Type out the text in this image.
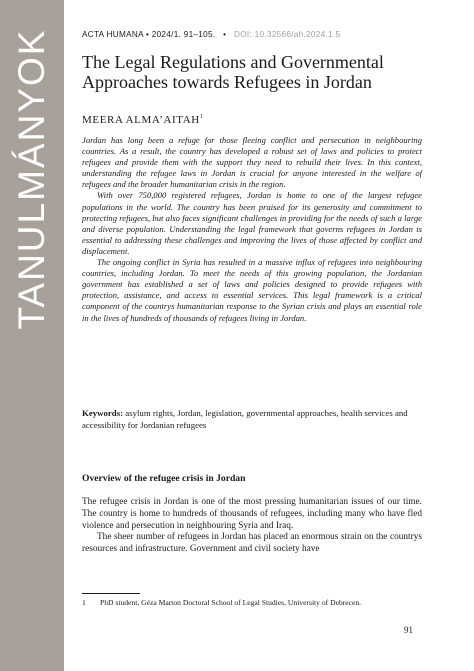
TANULMÁNYOK	ACTA HUMANA • 2024/1. 91–105. • DOI: 10.32566/ah.2024.1.5
The Legal Regulations and Governmental Approaches towards Refugees in Jordan
MEERA ALMA’AITAH$^1$

Jordan has long been a refuge for those fleeing conflict and persecution in neighbouring countries. As a result, the country has developed a robust set of laws and policies to protect refugees and provide them with the support they need to rebuild their lives. In this context, understanding the refugee laws in Jordan is crucial for anyone interested in the welfare of refugees and the broader humanitarian crisis in the region.

With over 750,000 registered refugees, Jordan is home to one of the largest refugee populations in the world. The country has been praised for its generosity and commitment to protecting refugees, but also faces significant challenges in providing for the needs of such a large and diverse population. Understanding the legal framework that governs refugees in Jordan is essential to addressing these challenges and improving the lives of those affected by conflict and displacement.

The ongoing conflict in Syria has resulted in a massive influx of refugees into neighbouring countries, including Jordan. To meet the needs of this growing population, the Jordanian government has established a set of laws and policies designed to provide refugees with protection, assistance, and access to essential services. This legal framework is a critical component of the countrys humanitarian response to the Syrian crisis and plays an essential role in the lives of hundreds of thousands of refugees living in Jordan.

Keywords: asylum rights, Jordan, legislation, governmental approaches, health services and accessibility for Jordanian refugees
Overview of the refugee crisis in Jordan

The refugee crisis in Jordan is one of the most pressing humanitarian issues of our time. The country is home to hundreds of thousands of refugees, including many who have fled violence and persecution in neighbouring Syria and Iraq.

The sheer number of refugees in Jordan has placed an enormous strain on the countrys resources and infrastructure. Government and civil society have

1 PhD student, Géza Marton Doctoral School of Legal Studies, University of Debrecen.
91
